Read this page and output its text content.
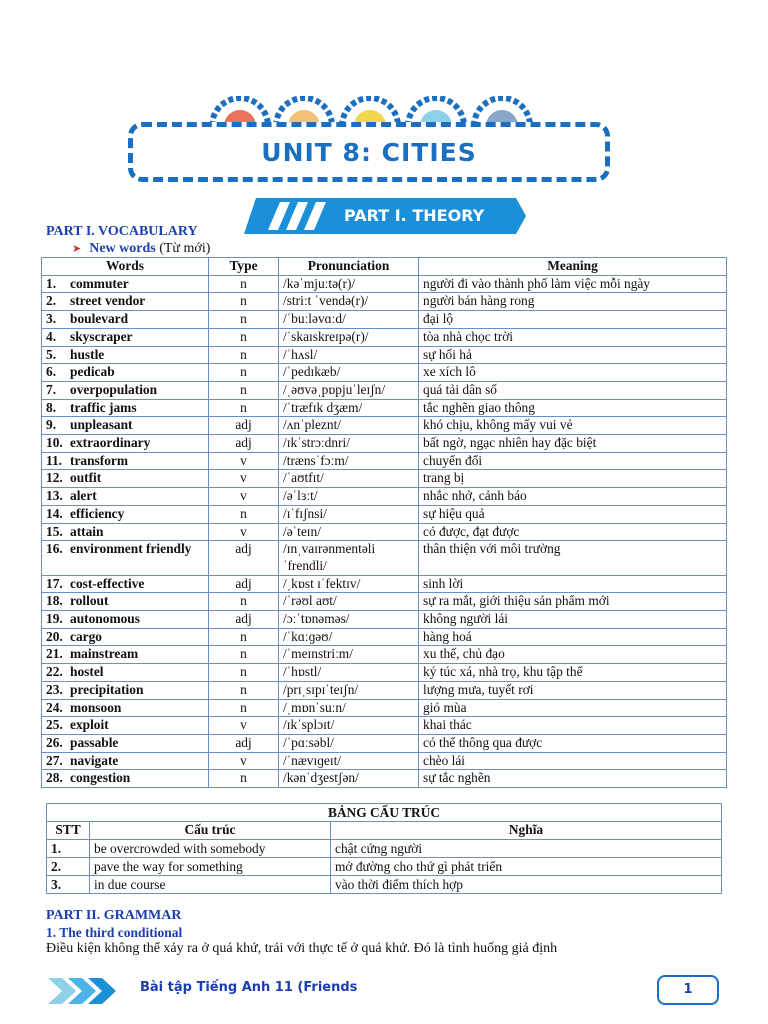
UNIT 8: CITIES
PART I. THEORY
PART I. VOCABULARY
➤ New words (Từ mới)
Words	Type	Pronunciation	Meaning
1. commuter	n	/kəˈmjuːtə(r)/	người đi vào thành phố làm việc mỗi ngày
2. street vendor	n	/striːt ˈvendə(r)/	người bán hàng rong
3. boulevard	n	/ˈbuːləvɑːd/	đại lộ
4. skyscraper	n	/ˈskaɪskreɪpə(r)/	tòa nhà chọc trời
5. hustle	n	/ˈhʌsl/	sự hối hả
6. pedicab	n	/ˈpedɪkæb/	xe xích lô
7. overpopulation	n	/ˌəʊvəˌpɒpjuˈleɪʃn/	quá tải dân số
8. traffic jams	n	/ˈtræfɪk dʒæm/	tắc nghẽn giao thông
9. unpleasant	adj	/ʌnˈpleznt/	khó chịu, không mấy vui vẻ
10. extraordinary	adj	/ɪkˈstrɔːdnri/	bất ngờ, ngạc nhiên hay đặc biệt
11. transform	v	/trænsˈfɔːm/	chuyển đổi
12. outfit	v	/ˈaʊtfɪt/	trang bị
13. alert	v	/əˈlɜːt/	nhắc nhở, cảnh báo
14. efficiency	n	/ɪˈfɪʃnsi/	sự hiệu quả
15. attain	v	/əˈteɪn/	có được, đạt được
16. environment friendly	adj	/ɪnˌvaɪrənmentəli ˈfrendli/	thân thiện với môi trường
17. cost-effective	adj	/ˌkɒst ɪˈfektɪv/	sinh lời
18. rollout	n	/ˈrəʊl aʊt/	sự ra mắt, giới thiệu sản phẩm mới
19. autonomous	adj	/ɔːˈtɒnəməs/	không người lái
20. cargo	n	/ˈkɑːɡəʊ/	hàng hoá
21. mainstream	n	/ˈmeɪnstriːm/	xu thế, chủ đạo
22. hostel	n	/ˈhɒstl/	ký túc xá, nhà trọ, khu tập thể
23. precipitation	n	/prɪˌsɪpɪˈteɪʃn/	lượng mưa, tuyết rơi
24. monsoon	n	/ˌmɒnˈsuːn/	gió mùa
25. exploit	v	/ɪkˈsplɔɪt/	khai thác
26. passable	adj	/ˈpɑːsəbl/	có thể thông qua được
27. navigate	v	/ˈnævɪɡeɪt/	chèo lái
28. congestion	n	/kənˈdʒestʃən/	sự tắc nghẽn
BẢNG CẤU TRÚC		
STT	Cấu trúc	Nghĩa
1.	be overcrowded with somebody	chật cứng người
2.	pave the way for something	mở đường cho thứ gì phát triển
3.	in due course	vào thời điểm thích hợp
PART II. GRAMMAR
1. The third conditional
Điều kiện không thể xảy ra ở quá khứ, trái với thực tế ở quá khứ. Đó là tình huống giả định
Bài tập Tiếng Anh 11 (Friends	1
